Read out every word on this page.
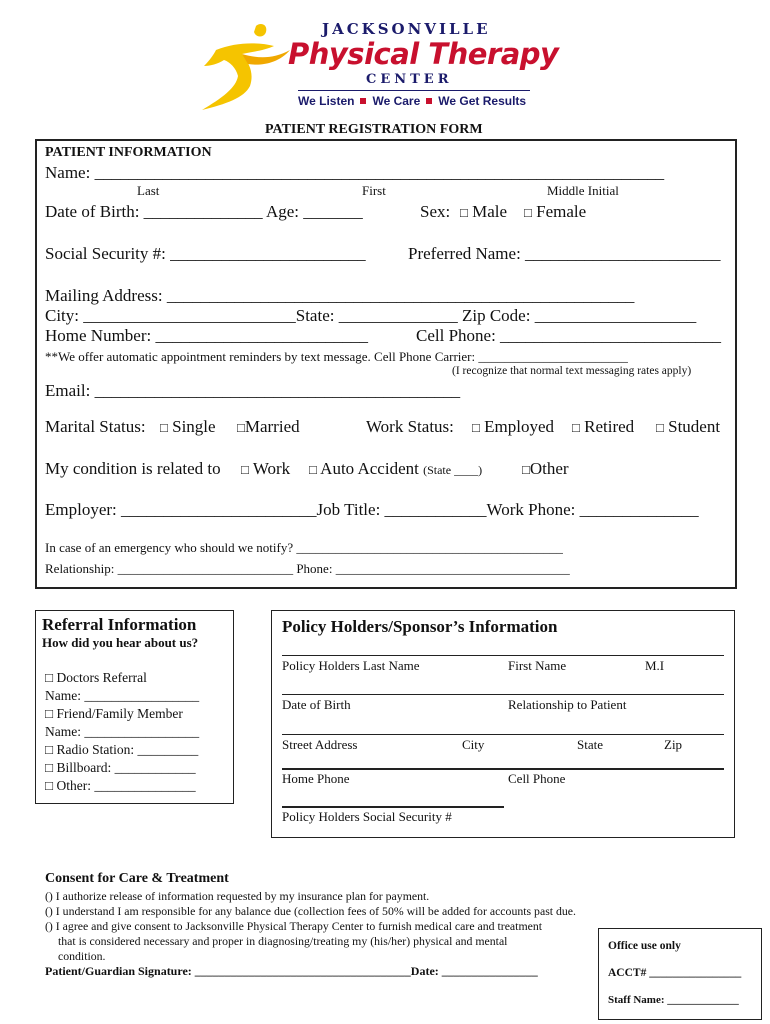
JACKSONVILLE
Physical Therapy
CENTER
We Listen We Care We Get Results
PATIENT REGISTRATION FORM
PATIENT INFORMATION
Name: ___________________________________________________________________
Last	First	Middle Initial
Date of Birth: ______________ Age: _______	Sex: □ Male □ Female
Social Security #: _______________________ Preferred Name: _______________________
Mailing Address: _______________________________________________________
City: _________________________State: ______________ Zip Code: ___________________
Home Number: _________________________	Cell Phone: __________________________
**We offer automatic appointment reminders by text message. Cell Phone Carrier: _______________________
(I recognize that normal text messaging rates apply)
Email: ___________________________________________
Marital Status: □ Single □Married	Work Status: □ Employed □ Retired □ Student
My condition is related to □ Work □ Auto Accident (State ____)	□Other
Employer: _______________________Job Title: ____________Work Phone: ______________
In case of an emergency who should we notify? _________________________________________
Relationship: ___________________________ Phone: ____________________________________
Referral Information
How did you hear about us?
□ Doctors Referral
Name: _________________
□ Friend/Family Member
Name: _________________
□ Radio Station: _________
□ Billboard: ____________
□ Other: _______________
Policy Holders/Sponsor’s Information
Policy Holders Last Name	First Name	M.I
Date of Birth	Relationship to Patient
Street Address	City	State	Zip
Home Phone	Cell Phone
Policy Holders Social Security #
Consent for Care & Treatment
() I authorize release of information requested by my insurance plan for payment.
() I understand I am responsible for any balance due (collection fees of 50% will be added for accounts past due.
() I agree and give consent to Jacksonville Physical Therapy Center to furnish medical care and treatment
that is considered necessary and proper in diagnosing/treating my (his/her) physical and mental
condition.
Patient/Guardian Signature: ____________________________________Date: ________________
Office use only
ACCT# ________________
Staff Name: _____________
